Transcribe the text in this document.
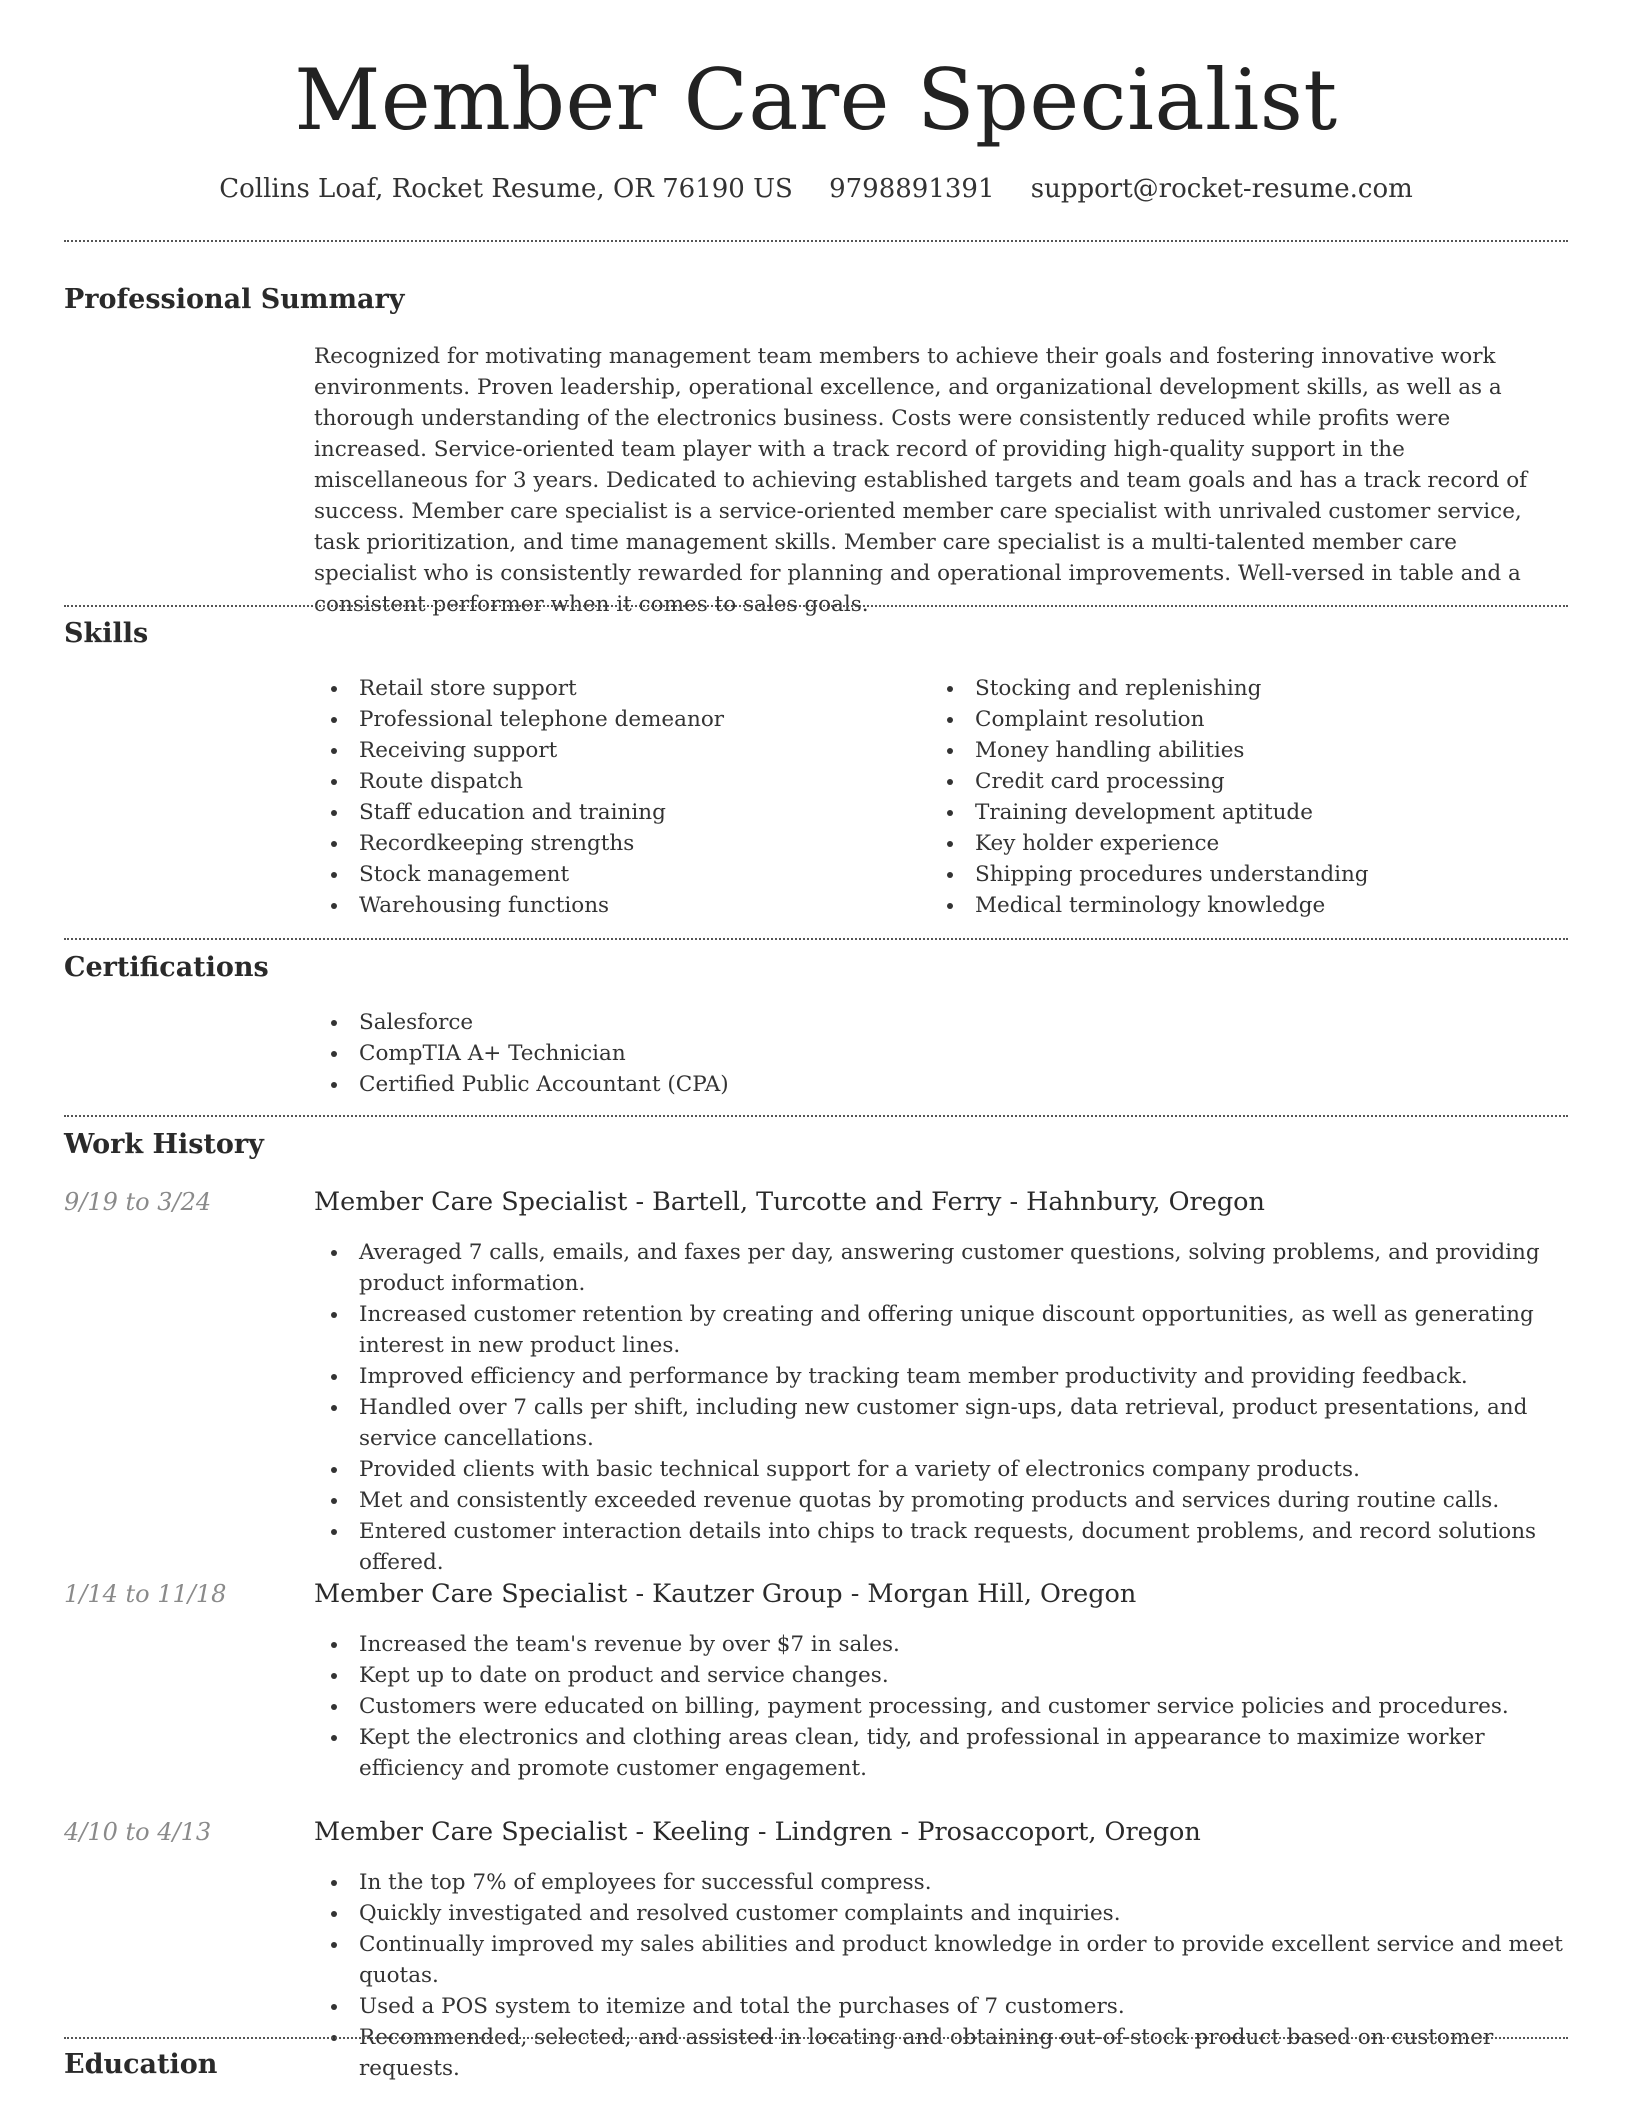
Member Care Specialist
Collins Loaf, Rocket Resume, OR 76190 US 9798891391 support@rocket-resume.com
Professional Summary

Recognized for motivating management team members to achieve their goals and fostering innovative work environments. Proven leadership, operational excellence, and organizational development skills, as well as a thorough understanding of the electronics business. Costs were consistently reduced while profits were increased. Service-oriented team player with a track record of providing high-quality support in the miscellaneous for 3 years. Dedicated to achieving established targets and team goals and has a track record of success. Member care specialist is a service-oriented member care specialist with unrivaled customer service, task prioritization, and time management skills. Member care specialist is a multi-talented member care specialist who is consistently rewarded for planning and operational improvements. Well-versed in table and a consistent performer when it comes to sales goals.

Skills
Retail store support
Professional telephone demeanor
Receiving support
Route dispatch
Staff education and training
Recordkeeping strengths
Stock management
Warehousing functions
Stocking and replenishing
Complaint resolution
Money handling abilities
Credit card processing
Training development aptitude
Key holder experience
Shipping procedures understanding
Medical terminology knowledge
Certifications
Salesforce
CompTIA A+ Technician
Certified Public Accountant (CPA)
Work History
9/19 to 3/24	Member Care Specialist - Bartell, Turcotte and Ferry - Hahnbury, Oregon
Averaged 7 calls, emails, and faxes per day, answering customer questions, solving problems, and providing product information.
Increased customer retention by creating and offering unique discount opportunities, as well as generating interest in new product lines.
Improved efficiency and performance by tracking team member productivity and providing feedback.
Handled over 7 calls per shift, including new customer sign-ups, data retrieval, product presentations, and service cancellations.
Provided clients with basic technical support for a variety of electronics company products.
Met and consistently exceeded revenue quotas by promoting products and services during routine calls.
Entered customer interaction details into chips to track requests, document problems, and record solutions offered.
1/14 to 11/18	Member Care Specialist - Kautzer Group - Morgan Hill, Oregon
Increased the team's revenue by over $7 in sales.
Kept up to date on product and service changes.
Customers were educated on billing, payment processing, and customer service policies and procedures.
Kept the electronics and clothing areas clean, tidy, and professional in appearance to maximize worker efficiency and promote customer engagement.
4/10 to 4/13	Member Care Specialist - Keeling - Lindgren - Prosaccoport, Oregon
In the top 7% of employees for successful compress.
Quickly investigated and resolved customer complaints and inquiries.
Continually improved my sales abilities and product knowledge in order to provide excellent service and meet quotas.
Used a POS system to itemize and total the purchases of 7 customers.
Recommended, selected, and assisted in locating and obtaining out-of-stock product based on customer requests.
Education
